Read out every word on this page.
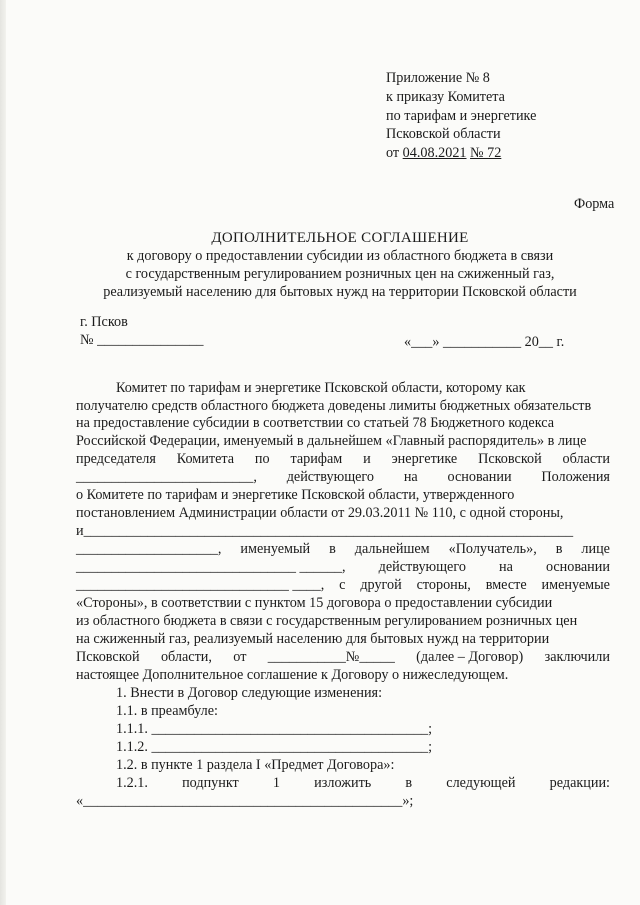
Приложение № 8
к приказу Комитета
по тарифам и энергетике
Псковской области
от 04.08.2021 № 72
Форма
ДОПОЛНИТЕЛЬНОЕ СОГЛАШЕНИЕ
к договору о предоставлении субсидии из областного бюджета в связи
с государственным регулированием розничных цен на сжиженный газ,
реализуемый населению для бытовых нужд на территории Псковской области
г. Псков
№ _______________	«___» ___________ 20__ г.
Комитет по тарифам и энергетике Псковской области, которому как
получателю средств областного бюджета доведены лимиты бюджетных обязательств
на предоставление субсидии в соответствии со статьей 78 Бюджетного кодекса
Российской Федерации, именуемый в дальнейшем «Главный распорядитель» в лице
председателя Комитета по тарифам и энергетике Псковской области
_________________________, действующего на основании Положения
о Комитете по тарифам и энергетике Псковской области, утвержденного
постановлением Администрации области от 29.03.2011 № 110, с одной стороны,
и_____________________________________________________________________
____________________, именуемый в дальнейшем «Получатель», в лице
_______________________________ ______, действующего на основании
______________________________ ____, с другой стороны, вместе именуемые
«Стороны», в соответствии с пунктом 15 договора о предоставлении субсидии
из областного бюджета в связи с государственным регулированием розничных цен
на сжиженный газ, реализуемый населению для бытовых нужд на территории
Псковской области, от ___________№_____ (далее – Договор) заключили
настоящее Дополнительное соглашение к Договору о нижеследующем.
1. Внести в Договор следующие изменения:
1.1. в преамбуле:
1.1.1. _______________________________________;
1.1.2. _______________________________________;
1.2. в пункте 1 раздела I «Предмет Договора»:
1.2.1. подпункт 1 изложить в следующей редакции:
«_____________________________________________»;
